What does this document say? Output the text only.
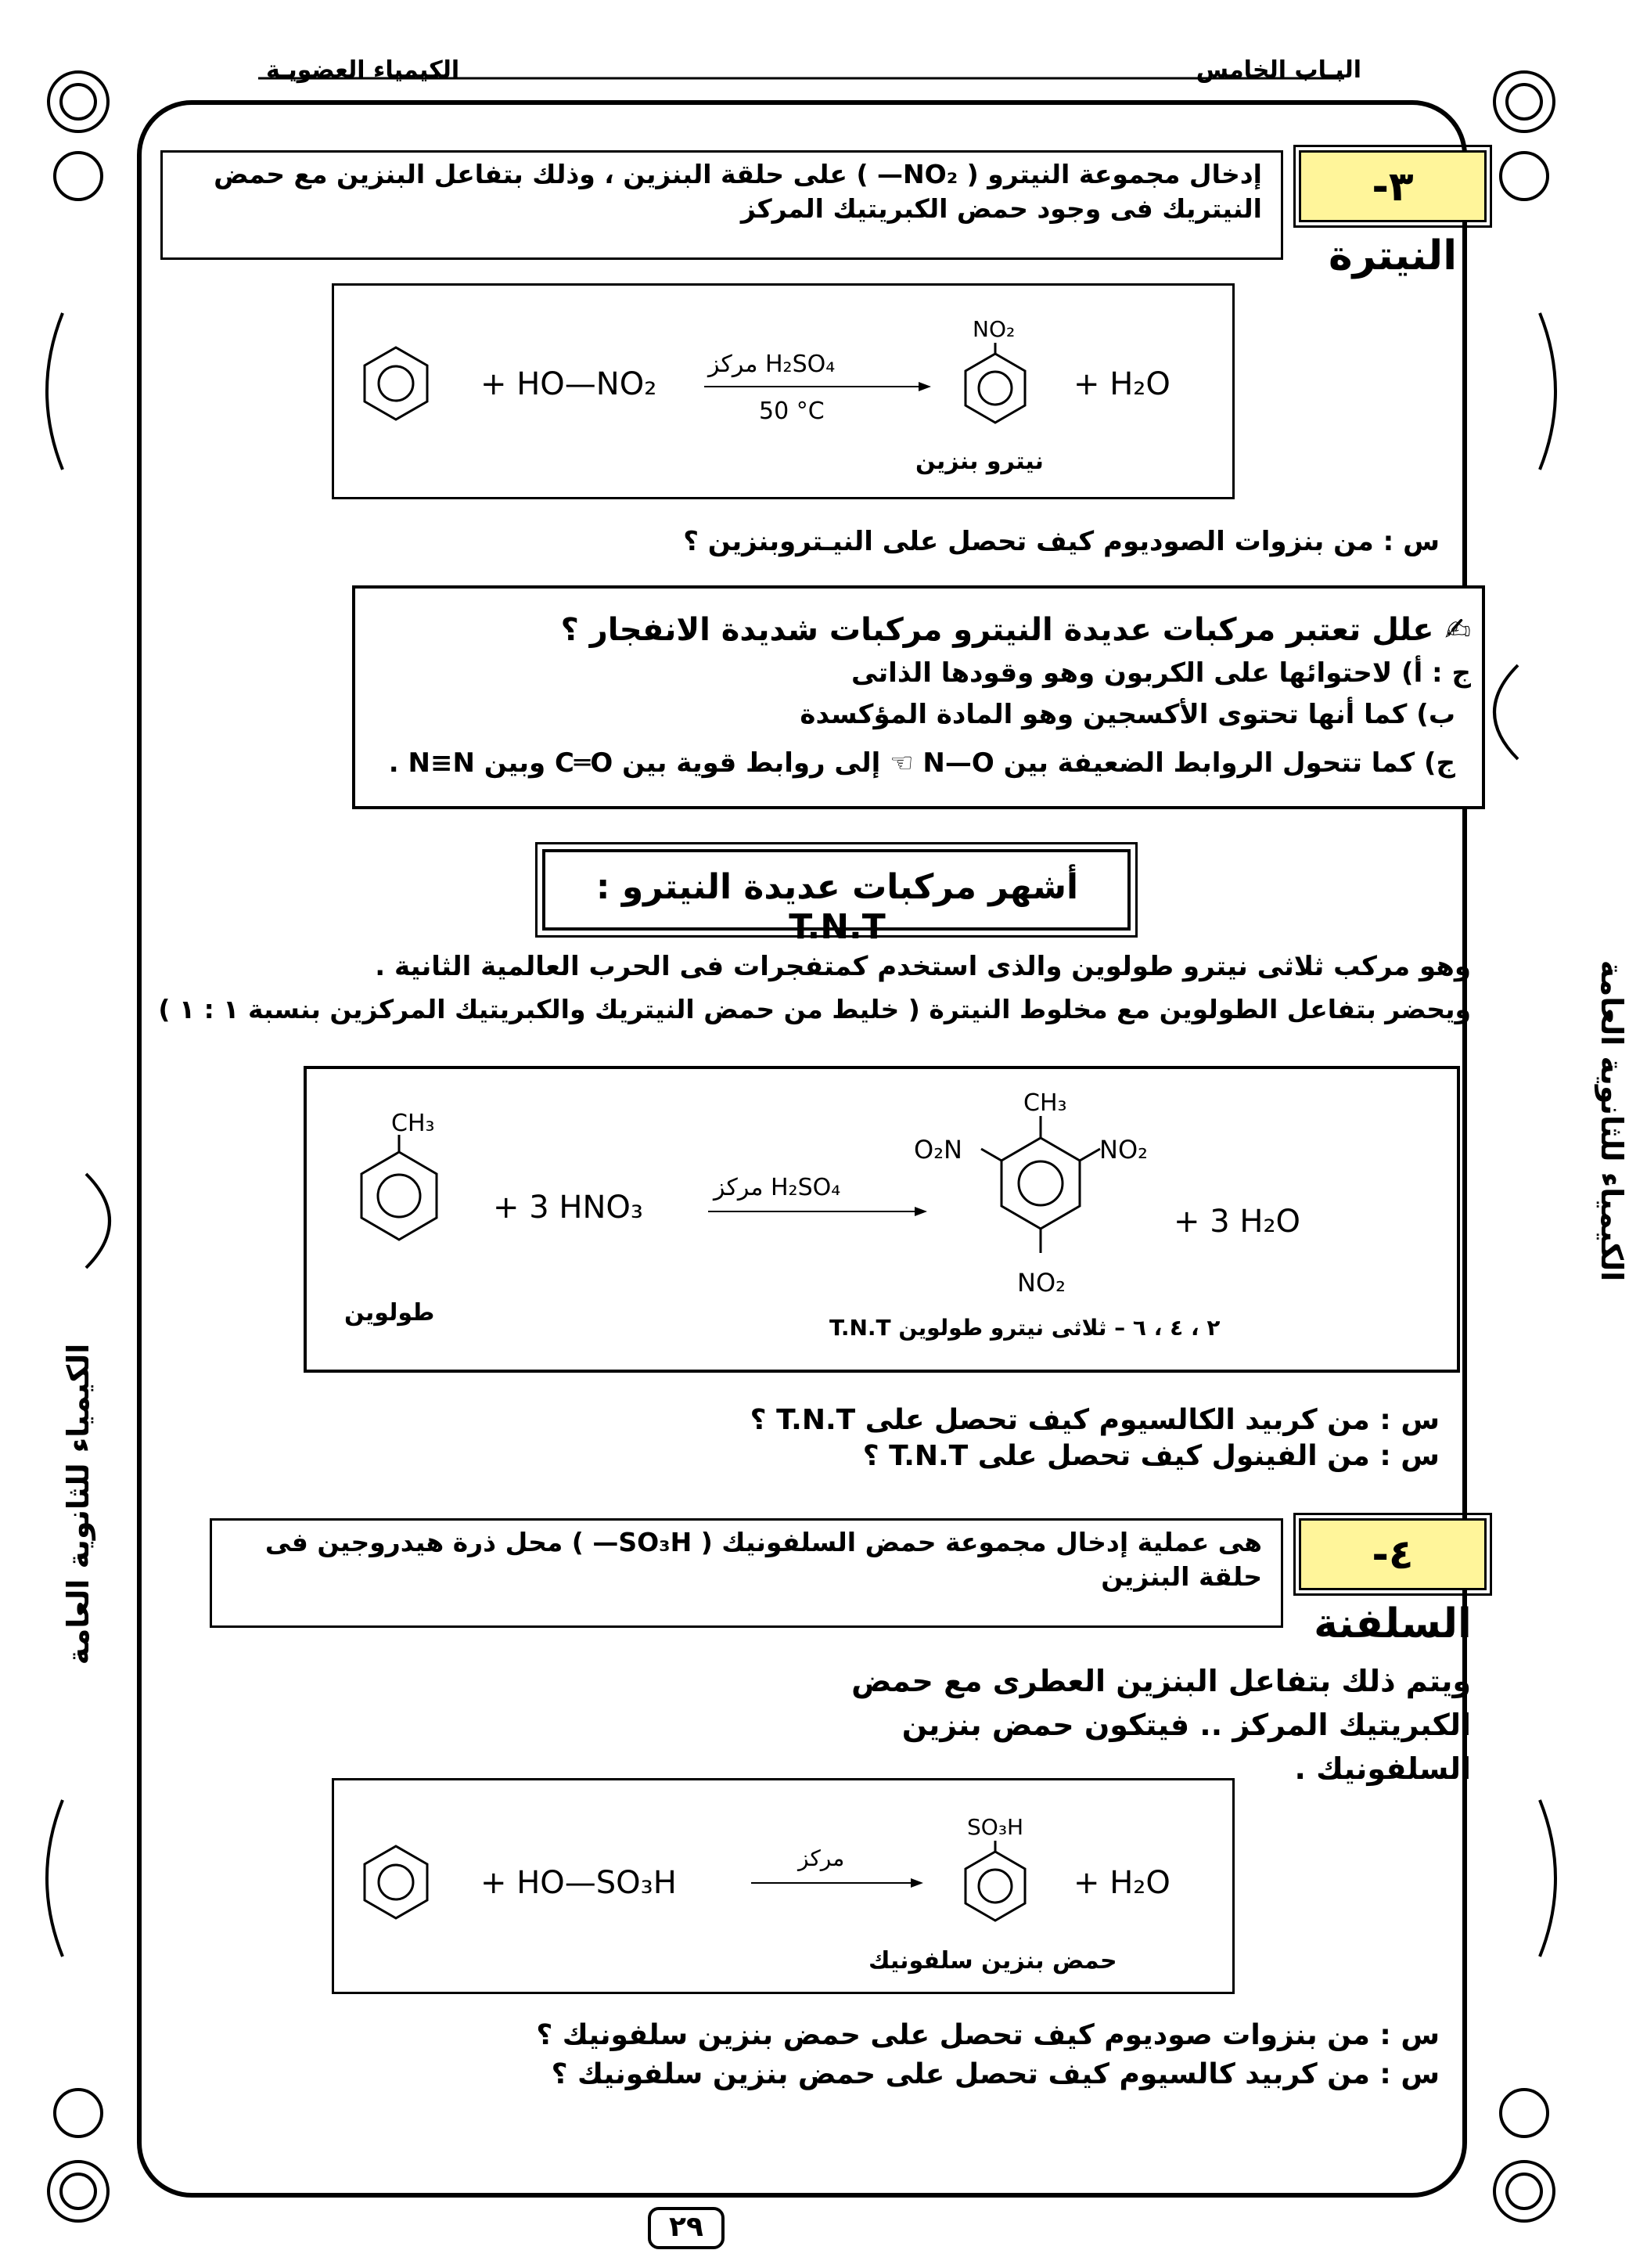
البـاب الخامس
الكيمياء العضويـة
الكيمياء للثانوية العامة
الكيمياء للثانوية العامة
٣- النيترة
إدخال مجموعة النيترو ( NO₂— ) على حلقة البنزين ، وذلك بتفاعل البنزين مع حمض النيتريك فى وجود حمض الكبريتيك المركز
+ HO—NO₂
H₂SO₄ مركز
50 °C
NO₂
+ H₂O
نيترو بنزين
س : من بنزوات الصوديوم كيف تحصل على النيـتروبنزين ؟
✍ علل تعتبر مركبات عديدة النيترو مركبات شديدة الانفجار ؟
ج : أ) لاحتوائها على الكربون وهو وقودها الذاتى
ب) كما أنها تحتوى الأكسجين وهو المادة المؤكسدة
ج) كما تتحول الروابط الضعيفة بين N—O ☜ إلى روابط قوية بين C═O وبين N≡N .
أشهر مركبات عديدة النيترو : T.N.T
وهو مركب ثلاثى نيترو طولوين والذى استخدم كمتفجرات فى الحرب العالمية الثانية .
ويحضر بتفاعل الطولوين مع مخلوط النيترة ( خليط من حمض النيتريك والكبريتيك المركزين بنسبة ١ : ١ )
CH₃
طولوين
+ 3 HNO₃
H₂SO₄ مركز
CH₃
O₂N	NO₂
NO₂
+ 3 H₂O
٢ ، ٤ ، ٦ – ثلاثى نيترو طولوين T.N.T
س : من كربيد الكالسيوم كيف تحصل على T.N.T ؟
س : من الفينول كيف تحصل على T.N.T ؟
٤- السلفنة
هى عملية إدخال مجموعة حمض السلفونيك ( SO₃H— ) محل ذرة هيدروجين فى حلقة البنزين
ويتم ذلك بتفاعل البنزين العطرى مع حمض الكبريتيك المركز .. فيتكون حمض بنزين السلفونيك .
+ HO—SO₃H
مركز
SO₃H
+ H₂O
حمض بنزين سلفونيك
س : من بنزوات صوديوم كيف تحصل على حمض بنزين سلفونيك ؟
س : من كربيد كالسيوم كيف تحصل على حمض بنزين سلفونيك ؟
٢٩
